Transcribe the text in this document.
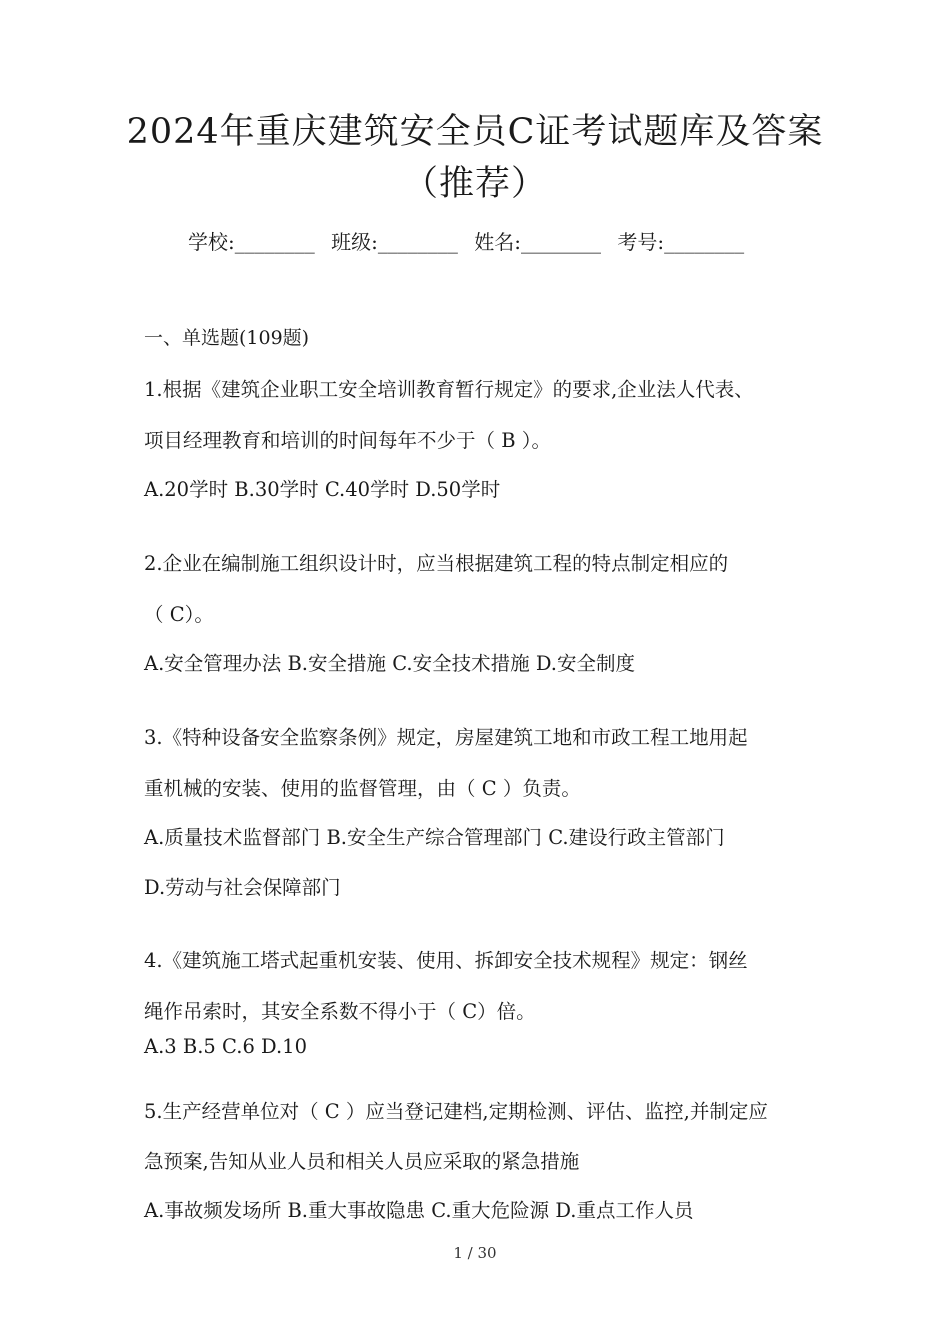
2024年重庆建筑安全员C证考试题库及答案
（推荐）
学校:________ 班级:________ 姓名:________ 考号:________
一、单选题(109题)
1.根据《建筑企业职工安全培训教育暂行规定》的要求,企业法人代表、
项目经理教育和培训的时间每年不少于（ B ）。
A.20学时 B.30学时 C.40学时 D.50学时
2.企业在编制施工组织设计时，应当根据建筑工程的特点制定相应的
（ C）。
A.安全管理办法 B.安全措施 C.安全技术措施 D.安全制度
3.《特种设备安全监察条例》规定，房屋建筑工地和市政工程工地用起
重机械的安装、使用的监督管理，由（ C ）负责。
A.质量技术监督部门 B.安全生产综合管理部门 C.建设行政主管部门
D.劳动与社会保障部门
4.《建筑施工塔式起重机安装、使用、拆卸安全技术规程》规定：钢丝
绳作吊索时，其安全系数不得小于（ C）倍。
A.3 B.5 C.6 D.10
5.生产经营单位对（ C ）应当登记建档,定期检测、评估、监控,并制定应
急预案,告知从业人员和相关人员应采取的紧急措施
A.事故频发场所 B.重大事故隐患 C.重大危险源 D.重点工作人员
1 / 30
